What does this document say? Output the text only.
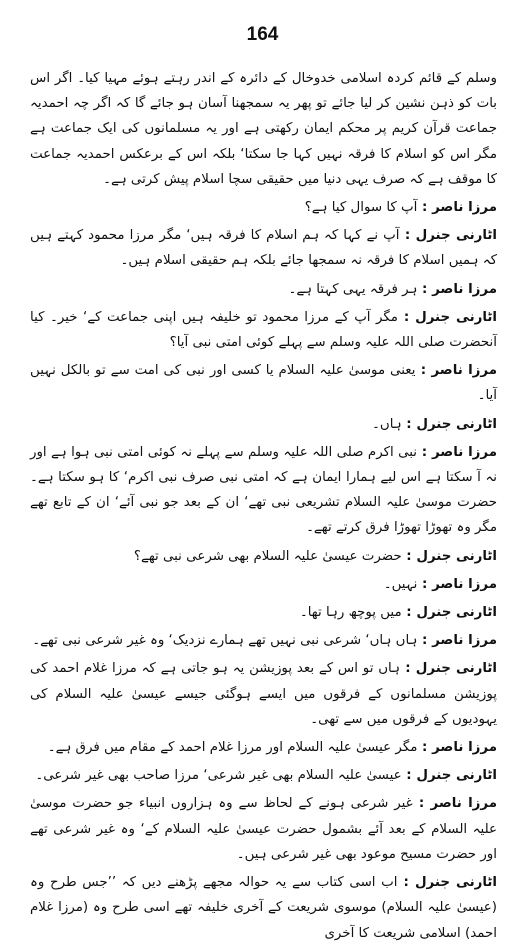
164

وسلم کے قائم کردہ اسلامی خدوخال کے دائرہ کے اندر رہتے ہوئے مہیا کیا۔ اگر اس بات کو ذہن نشین کر لیا جائے تو پھر یہ سمجھنا آسان ہو جائے گا کہ اگر چہ احمدیہ جماعت قرآن کریم پر محکم ایمان رکھتی ہے اور یہ مسلمانوں کی ایک جماعت ہے مگر اس کو اسلام کا فرقہ نہیں کہا جا سکتا‘ بلکہ اس کے برعکس احمدیہ جماعت کا موقف ہے کہ صرف یہی دنیا میں حقیقی سچا اسلام پیش کرتی ہے۔

مرزا ناصر : آپ کا سوال کیا ہے؟

اٹارنی جنرل : آپ نے کہا کہ ہم اسلام کا فرقہ ہیں‘ مگر مرزا محمود کہتے ہیں کہ ہمیں اسلام کا فرقہ نہ سمجھا جائے بلکہ ہم حقیقی اسلام ہیں۔

مرزا ناصر : ہر فرقہ یہی کہتا ہے۔

اٹارنی جنرل : مگر آپ کے مرزا محمود تو خلیفہ ہیں اپنی جماعت کے‘ خیر۔ کیا آنحضرت صلی اللہ علیہ وسلم سے پہلے کوئی امتی نبی آیا؟

مرزا ناصر : یعنی موسیٰ علیہ السلام یا کسی اور نبی کی امت سے تو بالکل نہیں آیا۔

اٹارنی جنرل : ہاں۔

مرزا ناصر : نبی اکرم صلی اللہ علیہ وسلم سے پہلے نہ کوئی امتی نبی ہوا ہے اور نہ آ سکتا ہے اس لیے ہمارا ایمان ہے کہ امتی نبی صرف نبی اکرم‘ کا ہو سکتا ہے۔ حضرت موسیٰ علیہ السلام تشریعی نبی تھے‘ ان کے بعد جو نبی آئے‘ ان کے تابع تھے مگر وہ تھوڑا تھوڑا فرق کرتے تھے۔

اٹارنی جنرل : حضرت عیسیٰ علیہ السلام بھی شرعی نبی تھے؟

مرزا ناصر : نہیں۔

اٹارنی جنرل : میں پوچھ رہا تھا۔

مرزا ناصر : ہاں ہاں‘ شرعی نبی نہیں تھے ہمارے نزدیک‘ وہ غیر شرعی نبی تھے۔

اٹارنی جنرل : ہاں تو اس کے بعد پوزیشن یہ ہو جاتی ہے کہ مرزا غلام احمد کی پوزیشن مسلمانوں کے فرقوں میں ایسے ہوگئی جیسے عیسیٰ علیہ السلام کی یہودیوں کے فرقوں میں سے تھی۔

مرزا ناصر : مگر عیسیٰ علیہ السلام اور مرزا غلام احمد کے مقام میں فرق ہے۔

اٹارنی جنرل : عیسیٰ علیہ السلام بھی غیر شرعی‘ مرزا صاحب بھی غیر شرعی۔

مرزا ناصر : غیر شرعی ہونے کے لحاظ سے وہ ہزاروں انبیاء جو حضرت موسیٰ علیہ السلام کے بعد آئے بشمول حضرت عیسیٰ علیہ السلام کے‘ وہ غیر شرعی تھے اور حضرت مسیح موعود بھی غیر شرعی ہیں۔

اٹارنی جنرل : اب اسی کتاب سے یہ حوالہ مجھے پڑھنے دیں کہ ’’جس طرح وہ (عیسیٰ علیہ السلام) موسوی شریعت کے آخری خلیفہ تھے اسی طرح وہ (مرزا غلام احمد) اسلامی شریعت کا آخری
